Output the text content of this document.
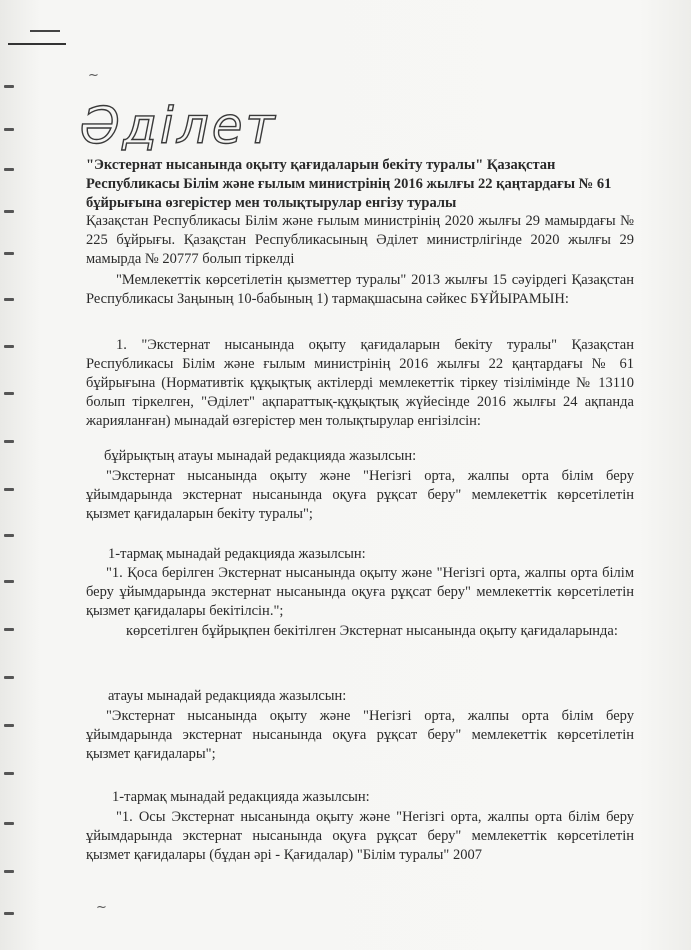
~
~
Әділет

"Экстернат нысанында оқыту қағидаларын бекіту туралы" Қазақстан Республикасы Білім және ғылым министрінің 2016 жылғы 22 қаңтардағы № 61 бұйрығына өзгерістер мен толықтырулар енгізу туралы

Қазақстан Республикасы Білім және ғылым министрінің 2020 жылғы 29 мамырдағы № 225 бұйрығы. Қазақстан Республикасының Әділет министрлігінде 2020 жылғы 29 мамырда № 20777 болып тіркелді

"Мемлекеттік көрсетілетін қызметтер туралы" 2013 жылғы 15 сәуірдегі Қазақстан Республикасы Заңының 10-бабының 1) тармақшасына сәйкес БҰЙЫРАМЫН:

1. "Экстернат нысанында оқыту қағидаларын бекіту туралы" Қазақстан Республикасы Білім және ғылым министрінің 2016 жылғы 22 қаңтардағы № 61 бұйрығына (Нормативтік құқықтық актілерді мемлекеттік тіркеу тізілімінде № 13110 болып тіркелген, "Әділет" ақпараттық-құқықтық жүйесінде 2016 жылғы 24 ақпанда жарияланған) мынадай өзгерістер мен толықтырулар енгізілсін:

бұйрықтың атауы мынадай редакцияда жазылсын:

"Экстернат нысанында оқыту және "Негізгі орта, жалпы орта білім беру ұйымдарында экстернат нысанында оқуға рұқсат беру" мемлекеттік көрсетілетін қызмет қағидаларын бекіту туралы";

1-тармақ мынадай редакцияда жазылсын:

"1. Қоса берілген Экстернат нысанында оқыту және "Негізгі орта, жалпы орта білім беру ұйымдарында экстернат нысанында оқуға рұқсат беру" мемлекеттік көрсетілетін қызмет қағидалары бекітілсін.";

көрсетілген бұйрықпен бекітілген Экстернат нысанында оқыту қағидаларында:

атауы мынадай редакцияда жазылсын:

"Экстернат нысанында оқыту және "Негізгі орта, жалпы орта білім беру ұйымдарында экстернат нысанында оқуға рұқсат беру" мемлекеттік көрсетілетін қызмет қағидалары";

1-тармақ мынадай редакцияда жазылсын:

"1. Осы Экстернат нысанында оқыту және "Негізгі орта, жалпы орта білім беру ұйымдарында экстернат нысанында оқуға рұқсат беру" мемлекеттік көрсетілетін қызмет қағидалары (бұдан әрі - Қағидалар) "Білім туралы" 2007
